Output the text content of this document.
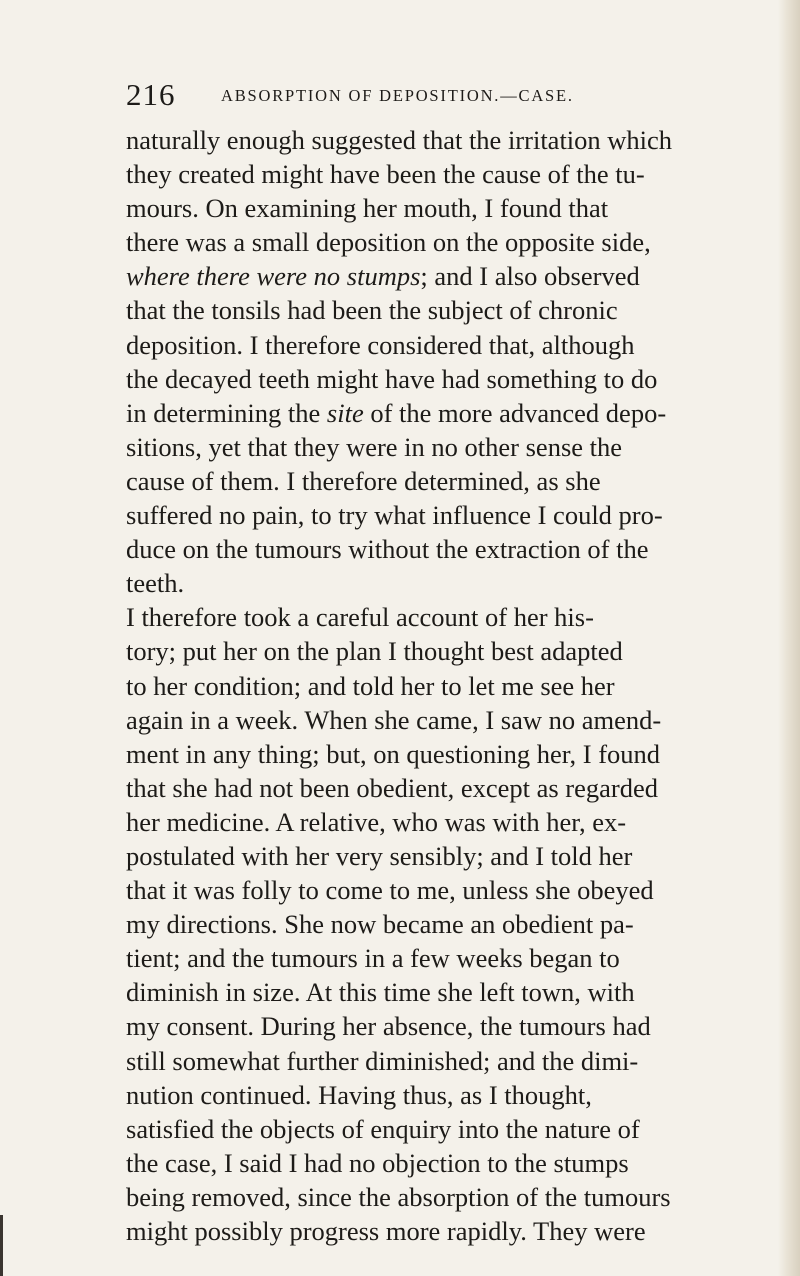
216	ABSORPTION OF DEPOSITION.—CASE.
naturally enough suggested that the irritation which
they created might have been the cause of the tu-
mours. On examining her mouth, I found that
there was a small deposition on the opposite side,
where there were no stumps; and I also observed
that the tonsils had been the subject of chronic
deposition. I therefore considered that, although
the decayed teeth might have had something to do
in determining the site of the more advanced depo-
sitions, yet that they were in no other sense the
cause of them. I therefore determined, as she
suffered no pain, to try what influence I could pro-
duce on the tumours without the extraction of the
teeth.
I therefore took a careful account of her his-
tory; put her on the plan I thought best adapted
to her condition; and told her to let me see her
again in a week. When she came, I saw no amend-
ment in any thing; but, on questioning her, I found
that she had not been obedient, except as regarded
her medicine. A relative, who was with her, ex-
postulated with her very sensibly; and I told her
that it was folly to come to me, unless she obeyed
my directions. She now became an obedient pa-
tient; and the tumours in a few weeks began to
diminish in size. At this time she left town, with
my consent. During her absence, the tumours had
still somewhat further diminished; and the dimi-
nution continued. Having thus, as I thought,
satisfied the objects of enquiry into the nature of
the case, I said I had no objection to the stumps
being removed, since the absorption of the tumours
might possibly progress more rapidly. They were
